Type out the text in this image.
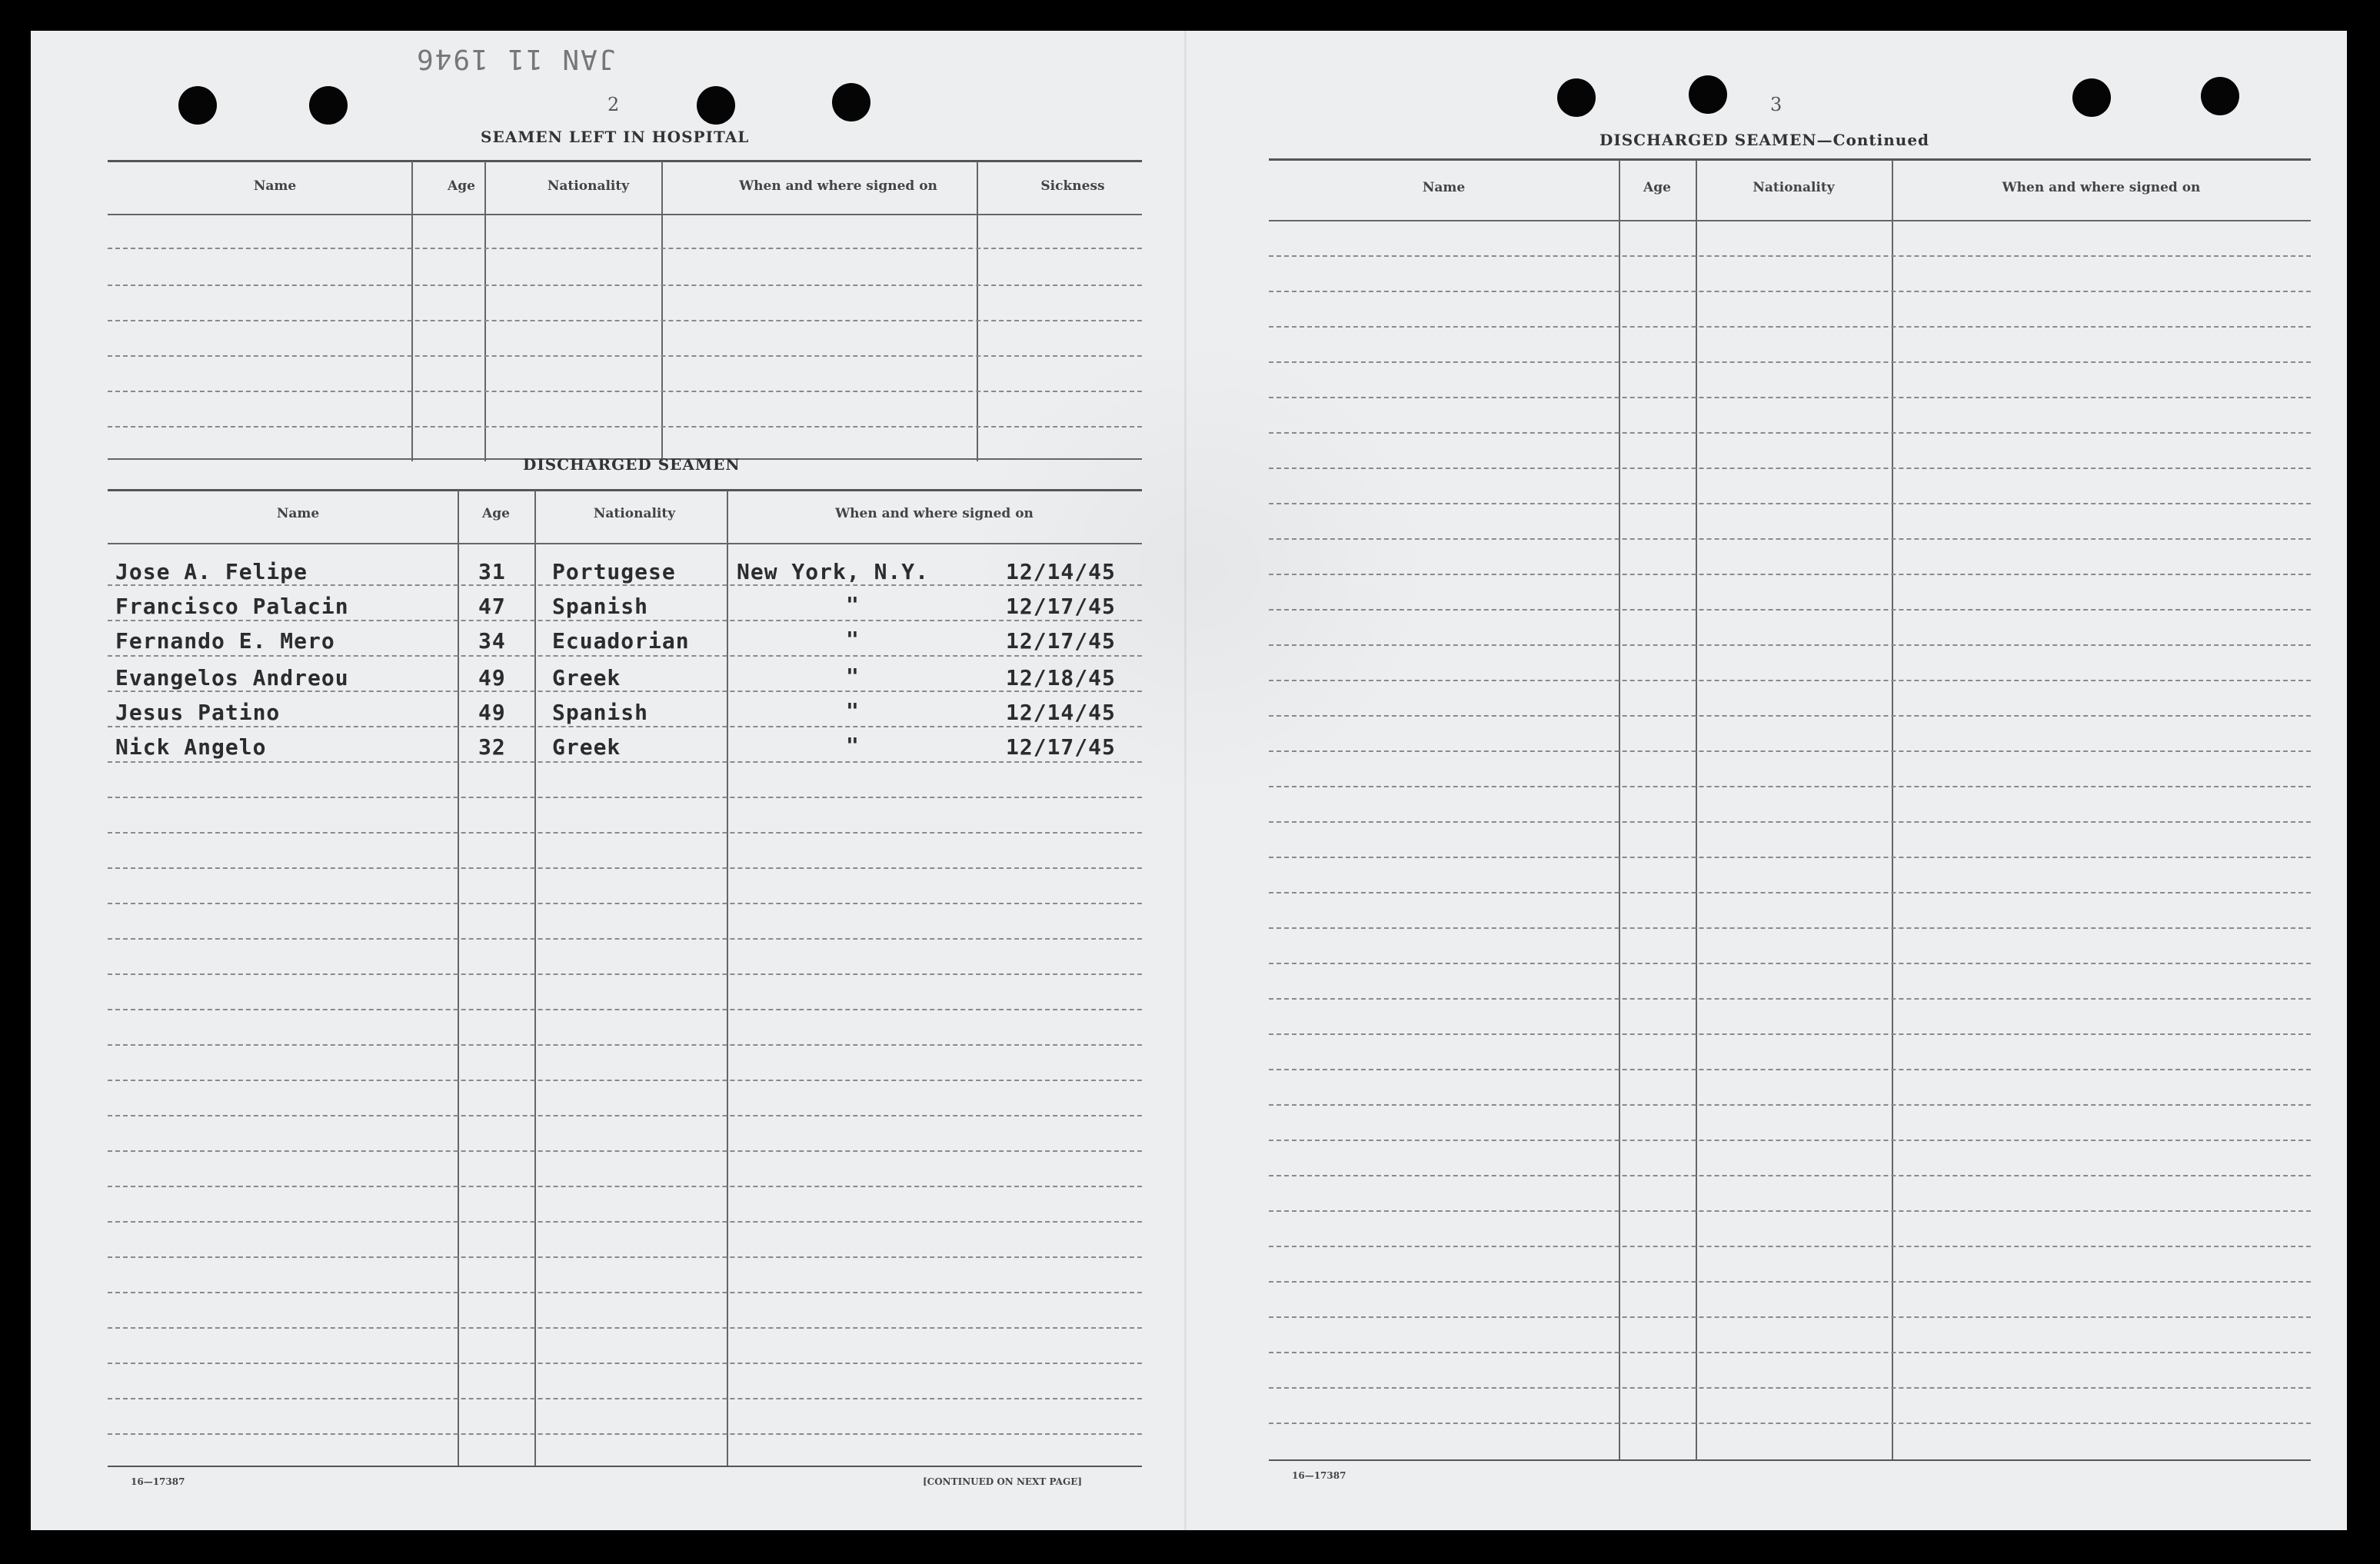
JAN 11 1946
2
SEAMEN LEFT IN HOSPITAL
Name	Age	Nationality	When and where signed on	Sickness
DISCHARGED SEAMEN
Name	Age	Nationality	When and where signed on
Jose A. Felipe	31 Portugese	New York, N.Y.	12/14/45
Francisco Palacin	47 Spanish	"	12/17/45
Fernando E. Mero	34 Ecuadorian	"	12/17/45
Evangelos Andreou	49 Greek	"	12/18/45
Jesus Patino	49 Spanish	"	12/14/45
Nick Angelo	32 Greek	"	12/17/45
16—17387	[CONTINUED ON NEXT PAGE]
3
DISCHARGED SEAMEN—Continued
Name	Age	Nationality	When and where signed on
16—17387
